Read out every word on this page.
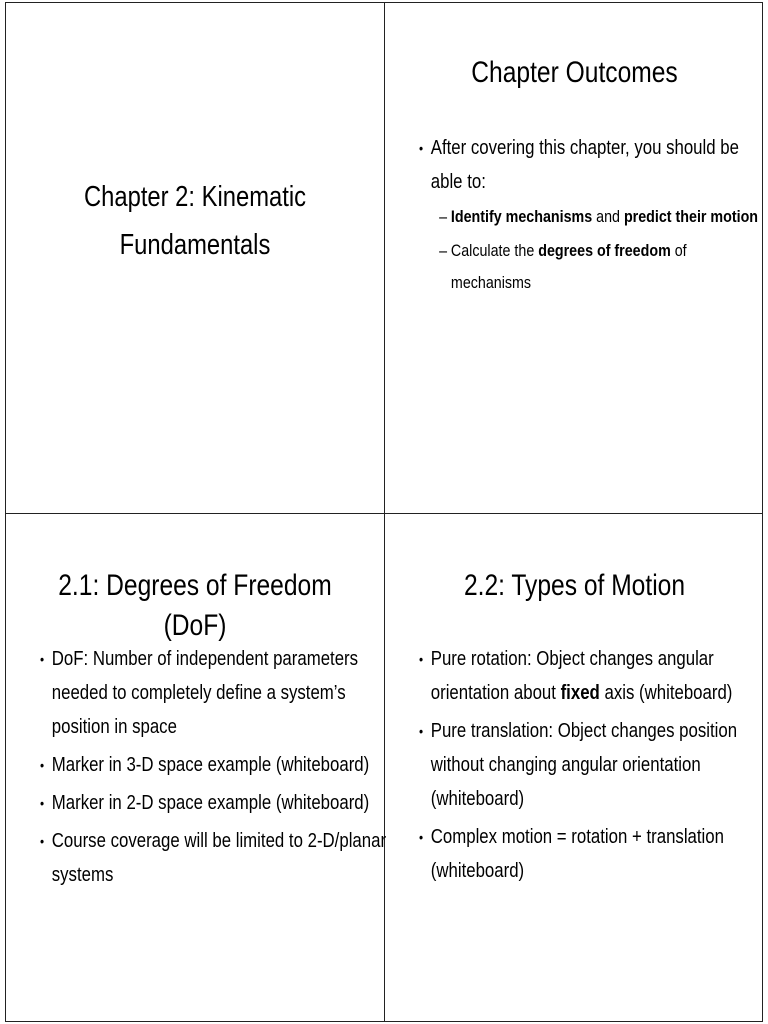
Chapter 2: Kinematic
Fundamentals
Chapter Outcomes
• After covering this chapter, you should be able to:
– Identify mechanisms and predict their motion
– Calculate the degrees of freedom of mechanisms
2.1: Degrees of Freedom (DoF)
• DoF: Number of independent parameters needed to completely define a system’s position in space
• Marker in 3-D space example (whiteboard)
• Marker in 2-D space example (whiteboard)
• Course coverage will be limited to 2-D/planar systems
2.2: Types of Motion
• Pure rotation: Object changes angular orientation about fixed axis (whiteboard)
• Pure translation: Object changes position without changing angular orientation (whiteboard)
• Complex motion = rotation + translation (whiteboard)
